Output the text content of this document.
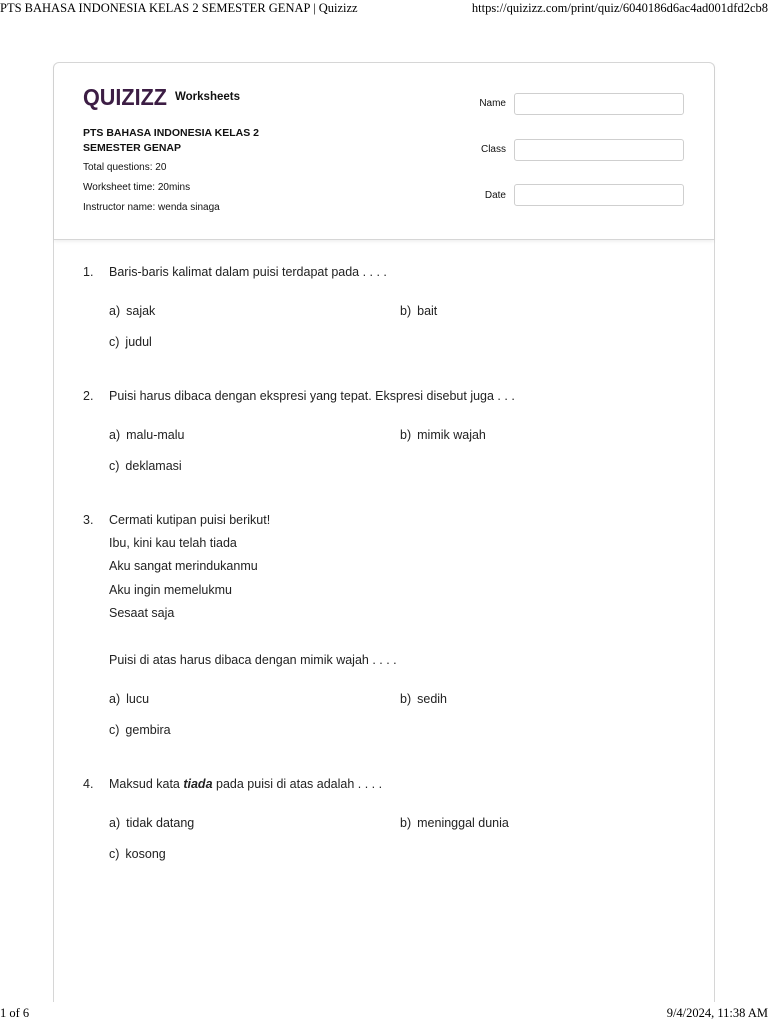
PTS BAHASA INDONESIA KELAS 2 SEMESTER GENAP | Quizizz	https://quizizz.com/print/quiz/6040186d6ac4ad001dfd2cb8
QUIZIZZ Worksheets
PTS BAHASA INDONESIA KELAS 2
SEMESTER GENAP
Total questions: 20
Worksheet time: 20mins
Instructor name: wenda sinaga
Name
Class
Date
1. Baris-baris kalimat dalam puisi terdapat pada . . . .
a) sajak	b) bait
c) judul
2. Puisi harus dibaca dengan ekspresi yang tepat. Ekspresi disebut juga . . .
a) malu-malu	b) mimik wajah
c) deklamasi
3. Cermati kutipan puisi berikut!
Ibu, kini kau telah tiada
Aku sangat merindukanmu
Aku ingin memelukmu
Sesaat saja
Puisi di atas harus dibaca dengan mimik wajah . . . .
a) lucu	b) sedih
c) gembira
4. Maksud kata tiada pada puisi di atas adalah . . . .
a) tidak datang	b) meninggal dunia
c) kosong
1 of 6	9/4/2024, 11:38 AM
